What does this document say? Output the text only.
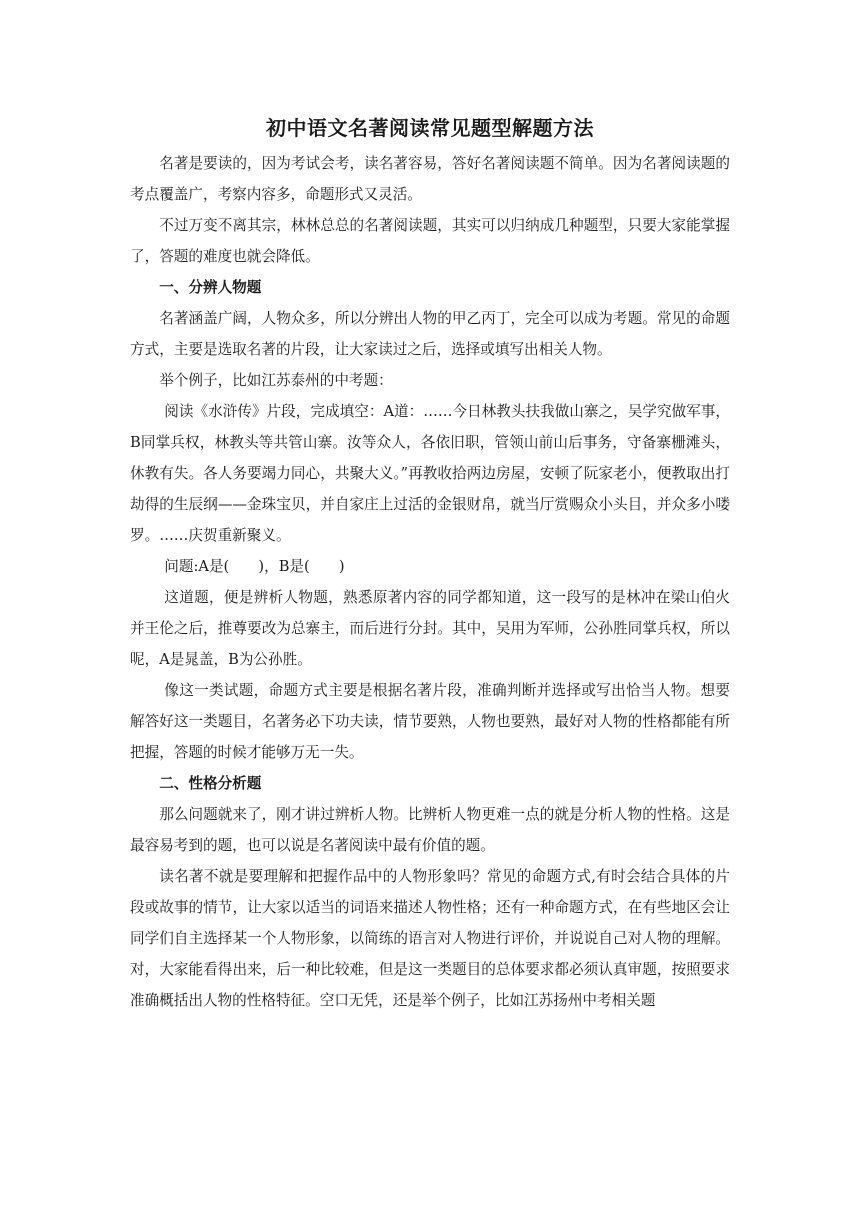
初中语文名著阅读常见题型解题方法

名著是要读的，因为考试会考，读名著容易，答好名著阅读题不简单。因为名著阅读题的考点覆盖广，考察内容多，命题形式又灵活。

不过万变不离其宗，林林总总的名著阅读题，其实可以归纳成几种题型，只要大家能掌握了，答题的难度也就会降低。

一、分辨人物题

名著涵盖广阔，人物众多，所以分辨出人物的甲乙丙丁，完全可以成为考题。常见的命题方式，主要是选取名著的片段，让大家读过之后，选择或填写出相关人物。

举个例子，比如江苏泰州的中考题：

阅读《水浒传》片段，完成填空：A道：……今日林教头扶我做山寨之，吴学究做军事，B同掌兵权，林教头等共管山寨。汝等众人，各依旧职，管领山前山后事务，守备寨栅滩头，休教有失。各人务要竭力同心，共聚大义。”再教收拾两边房屋，安顿了阮家老小，便教取出打劫得的生辰纲——金珠宝贝，并自家庄上过活的金银财帛，就当厅赏赐众小头目，并众多小喽罗。……庆贺重新聚义。

问题:A是(　　)，B是(　　)

这道题，便是辨析人物题，熟悉原著内容的同学都知道，这一段写的是林冲在梁山伯火并王伦之后，推尊要改为总寨主，而后进行分封。其中，吴用为军师，公孙胜同掌兵权，所以呢，A是晁盖，B为公孙胜。

像这一类试题，命题方式主要是根据名著片段，准确判断并选择或写出恰当人物。想要解答好这一类题目，名著务必下功夫读，情节要熟，人物也要熟，最好对人物的性格都能有所把握，答题的时候才能够万无一失。

二、性格分析题

那么问题就来了，刚才讲过辨析人物。比辨析人物更难一点的就是分析人物的性格。这是最容易考到的题，也可以说是名著阅读中最有价值的题。

读名著不就是要理解和把握作品中的人物形象吗？常见的命题方式,有时会结合具体的片段或故事的情节，让大家以适当的词语来描述人物性格；还有一种命题方式，在有些地区会让同学们自主选择某一个人物形象，以简练的语言对人物进行评价，并说说自己对人物的理解。对，大家能看得出来，后一种比较难，但是这一类题目的总体要求都必须认真审题，按照要求准确概括出人物的性格特征。空口无凭，还是举个例子，比如江苏扬州中考相关题
